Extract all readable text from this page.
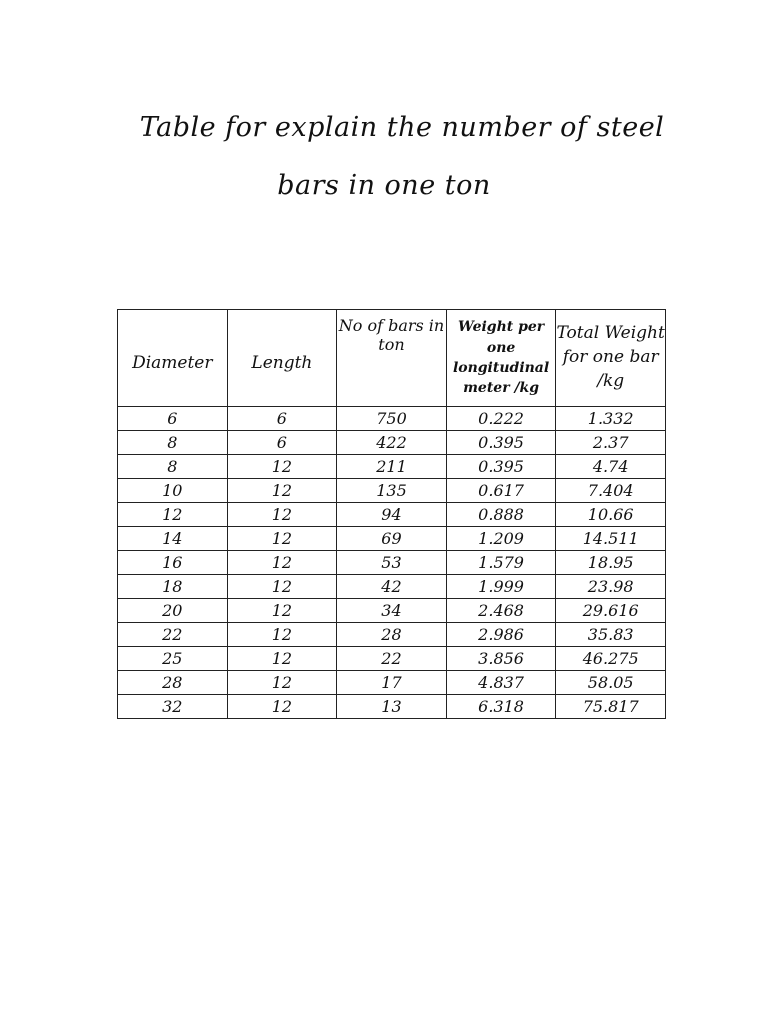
Table for explain the number of steel
bars in one ton
Diameter	Length	No of bars in ton	Weight per one longitudinal meter /kg	Total Weight for one bar /kg
6	6	750	0.222	1.332
8	6	422	0.395	2.37
8	12	211	0.395	4.74
10	12	135	0.617	7.404
12	12	94	0.888	10.66
14	12	69	1.209	14.511
16	12	53	1.579	18.95
18	12	42	1.999	23.98
20	12	34	2.468	29.616
22	12	28	2.986	35.83
25	12	22	3.856	46.275
28	12	17	4.837	58.05
32	12	13	6.318	75.817
